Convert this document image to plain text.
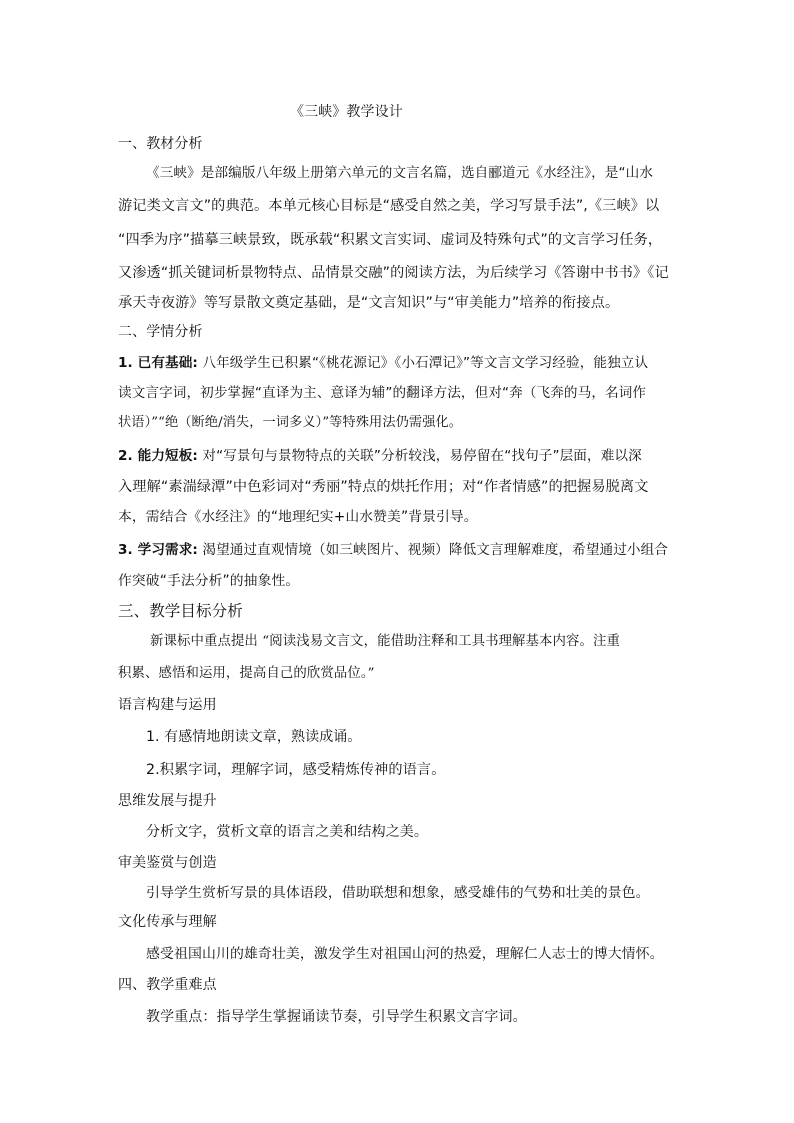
《三峡》教学设计
一、教材分析
《三峡》是部编版八年级上册第六单元的文言名篇，选自郦道元《水经注》，是“山水
游记类文言文”的典范。本单元核心目标是“感受自然之美，学习写景手法”,《三峡》以
“四季为序”描摹三峡景致，既承载“积累文言实词、虚词及特殊句式”的文言学习任务，
又渗透“抓关键词析景物特点、品情景交融”的阅读方法，为后续学习《答谢中书书》《记
承天寺夜游》等写景散文奠定基础，是“文言知识”与“审美能力”培养的衔接点。
二、学情分析
1. 已有基础: 八年级学生已积累“《桃花源记》《小石潭记》”等文言文学习经验，能独立认
读文言字词，初步掌握“直译为主、意译为辅”的翻译方法，但对“奔（飞奔的马，名词作
状语）”“绝（断绝/消失，一词多义）”等特殊用法仍需强化。
2. 能力短板: 对“写景句与景物特点的关联”分析较浅，易停留在“找句子”层面，难以深
入理解“素湍绿潭”中色彩词对“秀丽”特点的烘托作用；对“作者情感”的把握易脱离文
本，需结合《水经注》的“地理纪实+山水赞美”背景引导。
3. 学习需求: 渴望通过直观情境（如三峡图片、视频）降低文言理解难度，希望通过小组合
作突破“手法分析”的抽象性。
三、教学目标分析
新课标中重点提出 “阅读浅易文言文，能借助注释和工具书理解基本内容。注重
积累、感悟和运用，提高自己的欣赏品位。”
语言构建与运用
1. 有感情地朗读文章，熟读成诵。
2.积累字词，理解字词，感受精炼传神的语言。
思维发展与提升
分析文字，赏析文章的语言之美和结构之美。
审美鉴赏与创造
引导学生赏析写景的具体语段，借助联想和想象，感受雄伟的气势和壮美的景色。
文化传承与理解
感受祖国山川的雄奇壮美，激发学生对祖国山河的热爱，理解仁人志士的博大情怀。
四、教学重难点
教学重点：指导学生掌握诵读节奏，引导学生积累文言字词。
